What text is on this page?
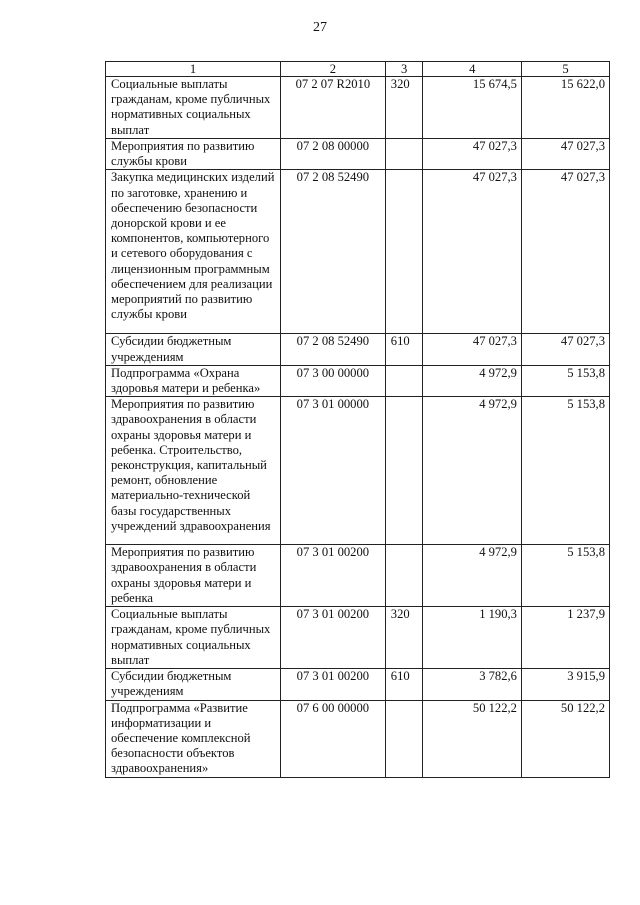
27
1	2	3	4	5
Социальные выплаты гражданам, кроме публичных нормативных социальных выплат	07 2 07 R2010	320	15 674,5	15 622,0
Мероприятия по развитию службы крови	07 2 08 00000		47 027,3	47 027,3
Закупка медицинских изделий по заготовке, хранению и обеспечению безопасности донорской крови и ее компонентов, компьютерного и сетевого оборудования с лицензионным программным обеспечением для реализации мероприятий по развитию службы крови	07 2 08 52490		47 027,3	47 027,3
Субсидии бюджетным учреждениям	07 2 08 52490	610	47 027,3	47 027,3
Подпрограмма «Охрана здоровья матери и ребенка»	07 3 00 00000		4 972,9	5 153,8
Мероприятия по развитию здравоохранения в области охраны здоровья матери и ребенка. Строительство, реконструкция, капитальный ремонт, обновление материально-технической базы государственных учреждений здравоохранения	07 3 01 00000		4 972,9	5 153,8
Мероприятия по развитию здравоохранения в области охраны здоровья матери и ребенка	07 3 01 00200		4 972,9	5 153,8
Социальные выплаты гражданам, кроме публичных нормативных социальных выплат	07 3 01 00200	320	1 190,3	1 237,9
Субсидии бюджетным учреждениям	07 3 01 00200	610	3 782,6	3 915,9
Подпрограмма «Развитие информатизации и обеспечение комплексной безопасности объектов здравоохранения»	07 6 00 00000		50 122,2	50 122,2
